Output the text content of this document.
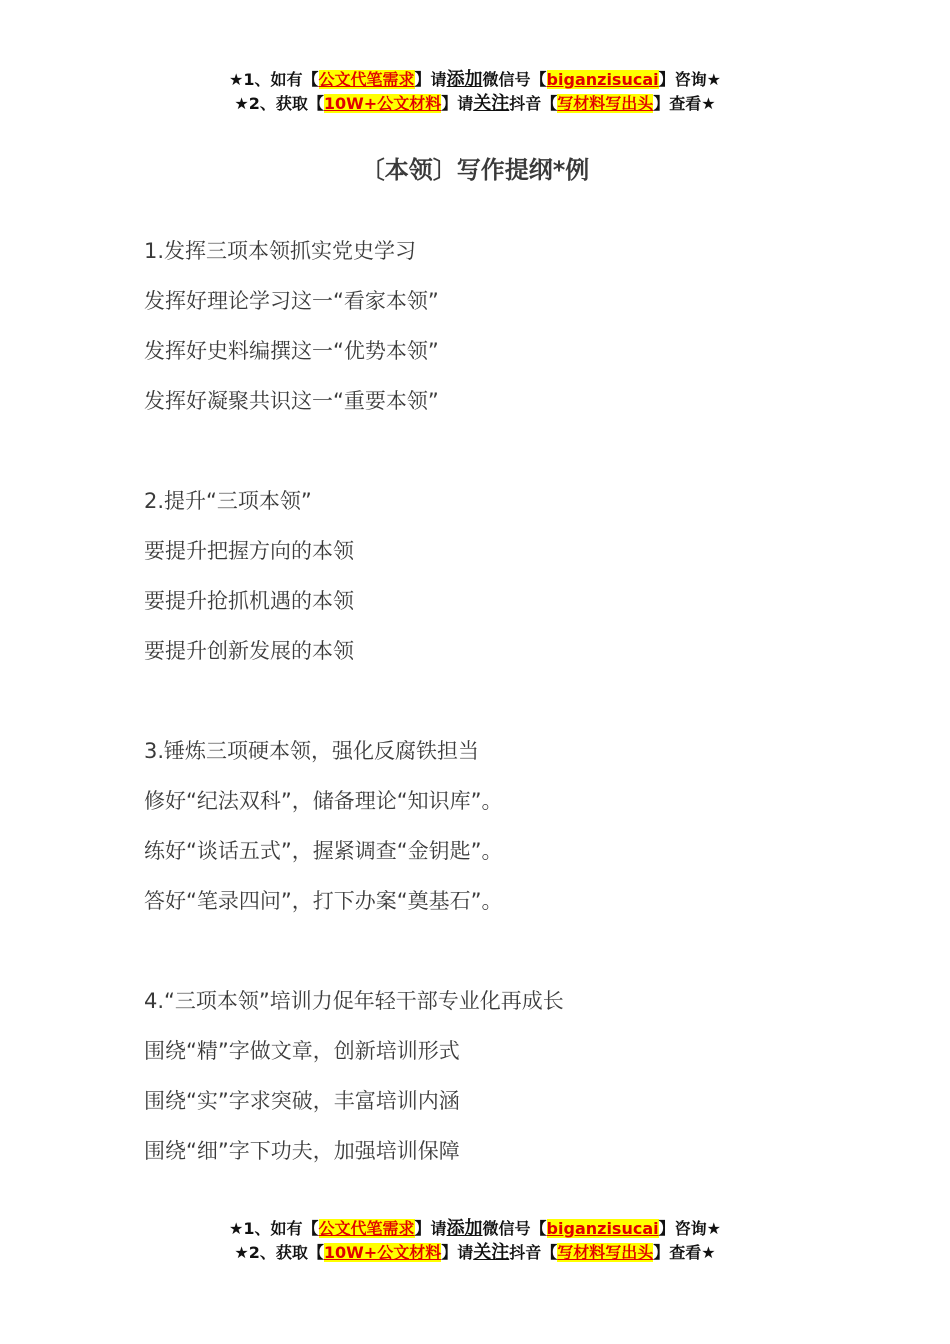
★1、如有【公文代笔需求】请添加微信号【biganzisucai】咨询★
★2、获取【10W+公文材料】请关注抖音【写材料写出头】查看★
〔本领〕写作提纲*例

1.发挥三项本领抓实党史学习

发挥好理论学习这一“看家本领”

发挥好史料编撰这一“优势本领”

发挥好凝聚共识这一“重要本领”

2.提升“三项本领”

要提升把握方向的本领

要提升抢抓机遇的本领

要提升创新发展的本领

3.锤炼三项硬本领，强化反腐铁担当

修好“纪法双科”，储备理论“知识库”。

练好“谈话五式”，握紧调查“金钥匙”。

答好“笔录四问”，打下办案“奠基石”。

4.“三项本领”培训力促年轻干部专业化再成长

围绕“精”字做文章，创新培训形式

围绕“实”字求突破，丰富培训内涵

围绕“细”字下功夫，加强培训保障

★1、如有【公文代笔需求】请添加微信号【biganzisucai】咨询★
★2、获取【10W+公文材料】请关注抖音【写材料写出头】查看★
